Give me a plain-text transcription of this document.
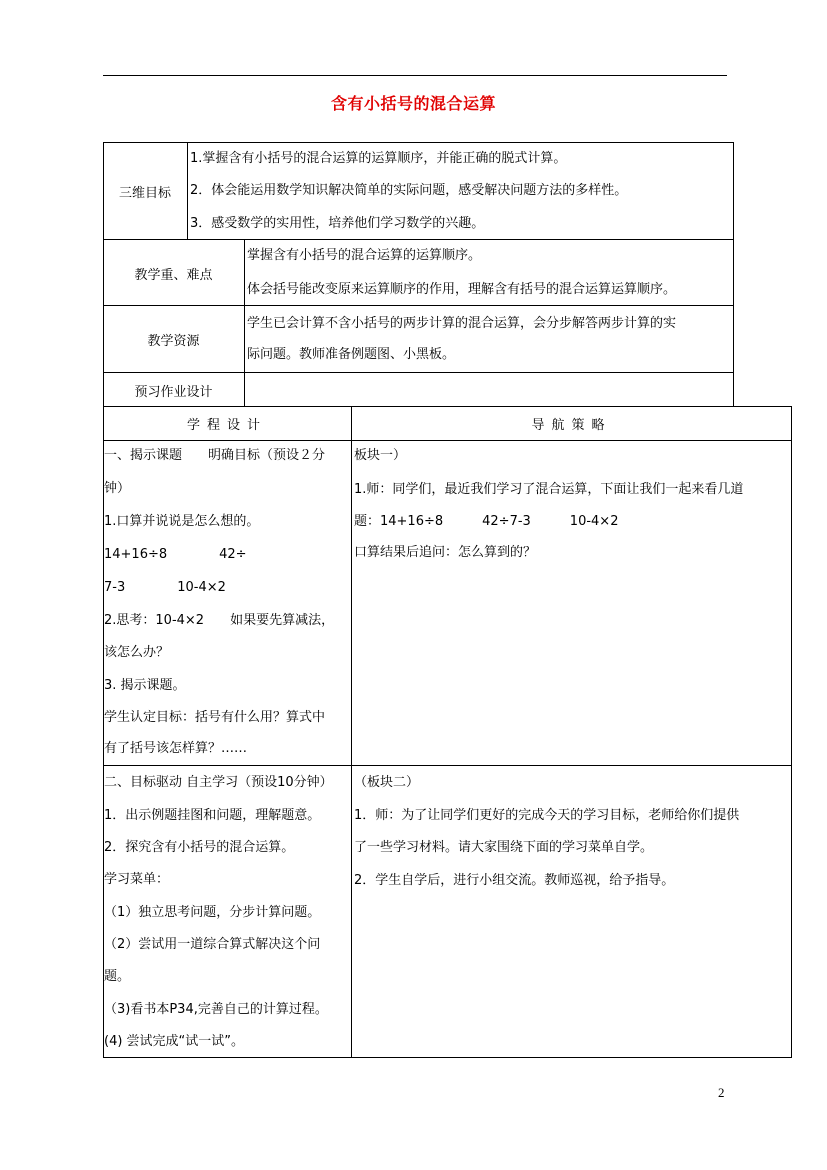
含有小括号的混合运算
三维目标
1.掌握含有小括号的混合运算的运算顺序，并能正确的脱式计算。
2．体会能运用数学知识解决简单的实际问题，感受解决问题方法的多样性。
3．感受数学的实用性，培养他们学习数学的兴趣。
教学重、难点
掌握含有小括号的混合运算的运算顺序。
体会括号能改变原来运算顺序的作用，理解含有括号的混合运算运算顺序。
教学资源
学生已会计算不含小括号的两步计算的混合运算，会分步解答两步计算的实
际问题。教师准备例题图、小黑板。
预习作业设计
学程设计	导航策略
一、揭示课题　　明确目标（预设２分
钟）
1.口算并说说是怎么想的。
14+16÷8　　　　42÷
7-3　　　　10-4×2
2.思考：10-4×2　　如果要先算减法，
该怎么办？
3. 揭示课题。
学生认定目标：括号有什么用？算式中
有了括号该怎样算？……
板块一）
1.师：同学们，最近我们学习了混合运算，下面让我们一起来看几道
题：14+16÷8　　　42÷7-3　　　10-4×2
口算结果后追问：怎么算到的？
二、目标驱动 自主学习（预设10分钟）
1．出示例题挂图和问题，理解题意。
2．探究含有小括号的混合运算。
学习菜单：
（1）独立思考问题，分步计算问题。
（2）尝试用一道综合算式解决这个问
题。
（3)看书本P34,完善自己的计算过程。
(4) 尝试完成“试一试”。
（板块二）
1．师：为了让同学们更好的完成今天的学习目标，老师给你们提供
了一些学习材料。请大家围绕下面的学习菜单自学。
2．学生自学后，进行小组交流。教师巡视，给予指导。
2
